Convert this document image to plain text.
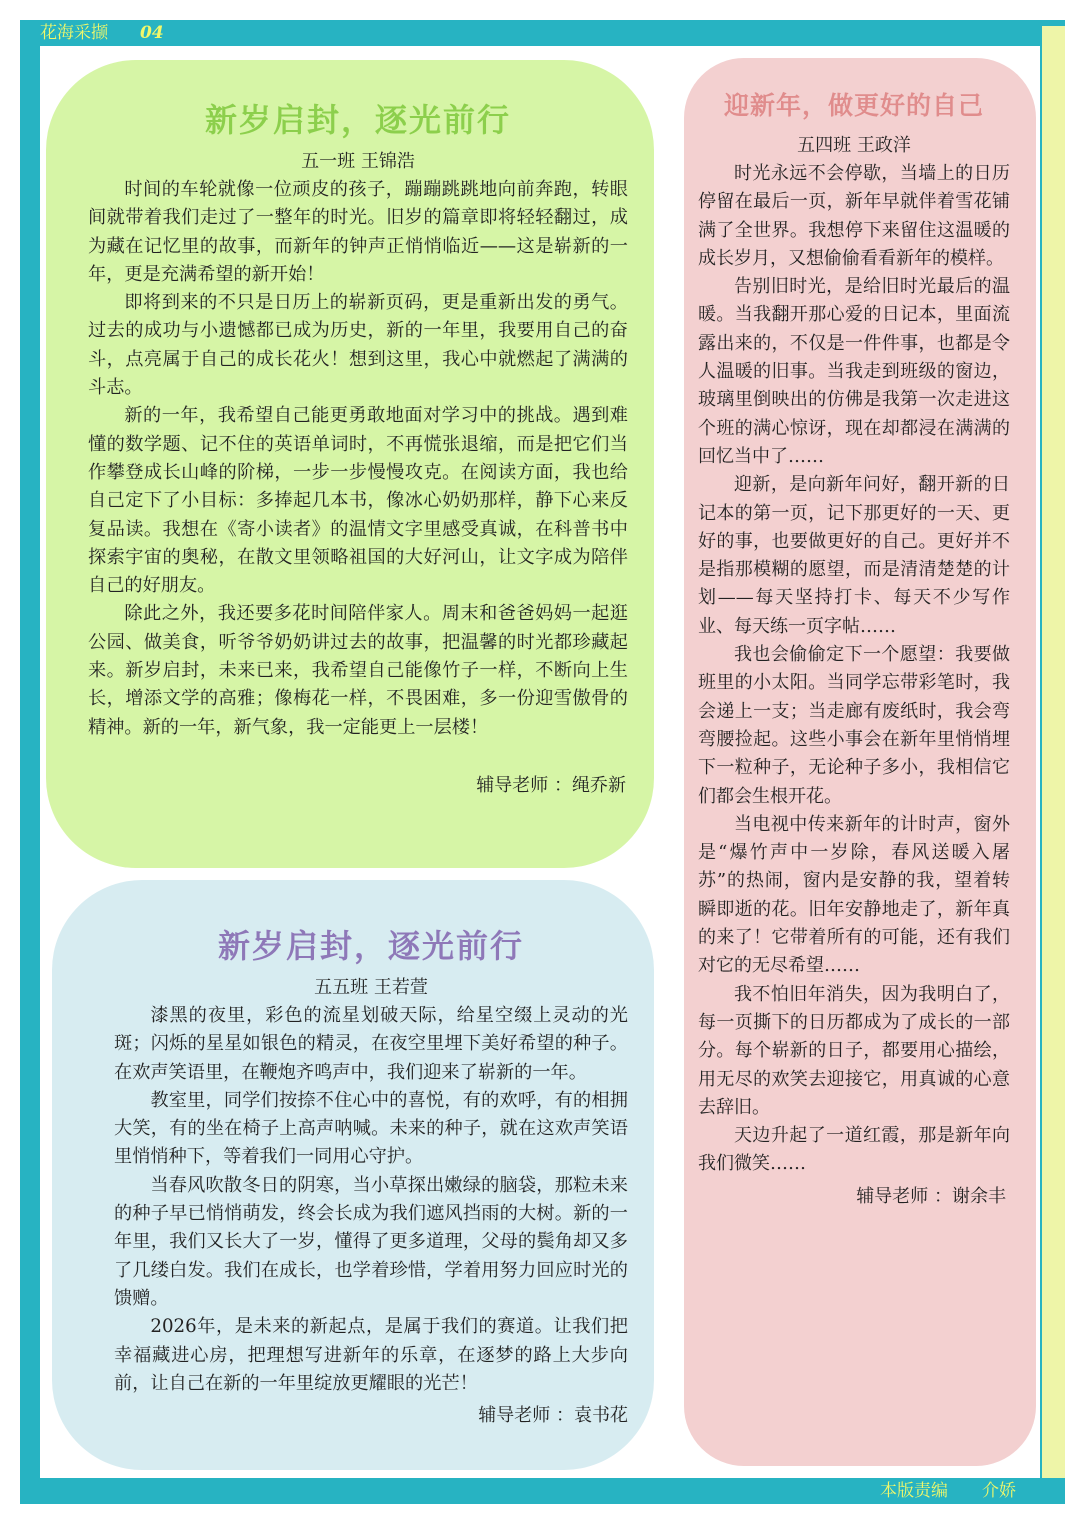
花海采撷 04
本版责编　　介娇
新岁启封，逐光前行
五一班 王锦浩

时间的车轮就像一位顽皮的孩子，蹦蹦跳跳地向前奔跑，转眼间就带着我们走过了一整年的时光。旧岁的篇章即将轻轻翻过，成为藏在记忆里的故事，而新年的钟声正悄悄临近——这是崭新的一年，更是充满希望的新开始！

即将到来的不只是日历上的崭新页码，更是重新出发的勇气。过去的成功与小遗憾都已成为历史，新的一年里，我要用自己的奋斗，点亮属于自己的成长花火！想到这里，我心中就燃起了满满的斗志。

新的一年，我希望自己能更勇敢地面对学习中的挑战。遇到难懂的数学题、记不住的英语单词时，不再慌张退缩，而是把它们当作攀登成长山峰的阶梯，一步一步慢慢攻克。在阅读方面，我也给自己定下了小目标：多捧起几本书，像冰心奶奶那样，静下心来反复品读。我想在《寄小读者》的温情文字里感受真诚，在科普书中探索宇宙的奥秘，在散文里领略祖国的大好河山，让文字成为陪伴自己的好朋友。

除此之外，我还要多花时间陪伴家人。周末和爸爸妈妈一起逛公园、做美食，听爷爷奶奶讲过去的故事，把温馨的时光都珍藏起来。新岁启封，未来已来，我希望自己能像竹子一样，不断向上生长，增添文学的高雅；像梅花一样，不畏困难，多一份迎雪傲骨的精神。新的一年，新气象，我一定能更上一层楼！

辅导老师 ：绳乔新
新岁启封，逐光前行
五五班 王若萱

漆黑的夜里，彩色的流星划破天际，给星空缀上灵动的光斑；闪烁的星星如银色的精灵，在夜空里埋下美好希望的种子。在欢声笑语里，在鞭炮齐鸣声中，我们迎来了崭新的一年。

教室里，同学们按捺不住心中的喜悦，有的欢呼，有的相拥大笑，有的坐在椅子上高声呐喊。未来的种子，就在这欢声笑语里悄悄种下，等着我们一同用心守护。

当春风吹散冬日的阴寒，当小草探出嫩绿的脑袋，那粒未来的种子早已悄悄萌发，终会长成为我们遮风挡雨的大树。新的一年里，我们又长大了一岁，懂得了更多道理，父母的鬓角却又多了几缕白发。我们在成长，也学着珍惜，学着用努力回应时光的馈赠。

2026年，是未来的新起点，是属于我们的赛道。让我们把幸福藏进心房，把理想写进新年的乐章，在逐梦的路上大步向前，让自己在新的一年里绽放更耀眼的光芒！

辅导老师 ：袁书花
迎新年，做更好的自己
五四班 王政洋

时光永远不会停歇，当墙上的日历停留在最后一页，新年早就伴着雪花铺满了全世界。我想停下来留住这温暖的成长岁月，又想偷偷看看新年的模样。

告别旧时光，是给旧时光最后的温暖。当我翻开那心爱的日记本，里面流露出来的，不仅是一件件事，也都是令人温暖的旧事。当我走到班级的窗边，玻璃里倒映出的仿佛是我第一次走进这个班的满心惊讶，现在却都浸在满满的回忆当中了……

迎新，是向新年问好，翻开新的日记本的第一页，记下那更好的一天、更好的事，也要做更好的自己。更好并不是指那模糊的愿望，而是清清楚楚的计划——每天坚持打卡、每天不少写作业、每天练一页字帖……

我也会偷偷定下一个愿望：我要做班里的小太阳。当同学忘带彩笔时，我会递上一支；当走廊有废纸时，我会弯弯腰捡起。这些小事会在新年里悄悄埋下一粒种子，无论种子多小，我相信它们都会生根开花。

当电视中传来新年的计时声，窗外是“爆竹声中一岁除，春风送暖入屠苏”的热闹，窗内是安静的我，望着转瞬即逝的花。旧年安静地走了，新年真的来了！它带着所有的可能，还有我们对它的无尽希望……

我不怕旧年消失，因为我明白了，每一页撕下的日历都成为了成长的一部分。每个崭新的日子，都要用心描绘，用无尽的欢笑去迎接它，用真诚的心意去辞旧。

天边升起了一道红霞，那是新年向我们微笑……

辅导老师 ：谢余丰
